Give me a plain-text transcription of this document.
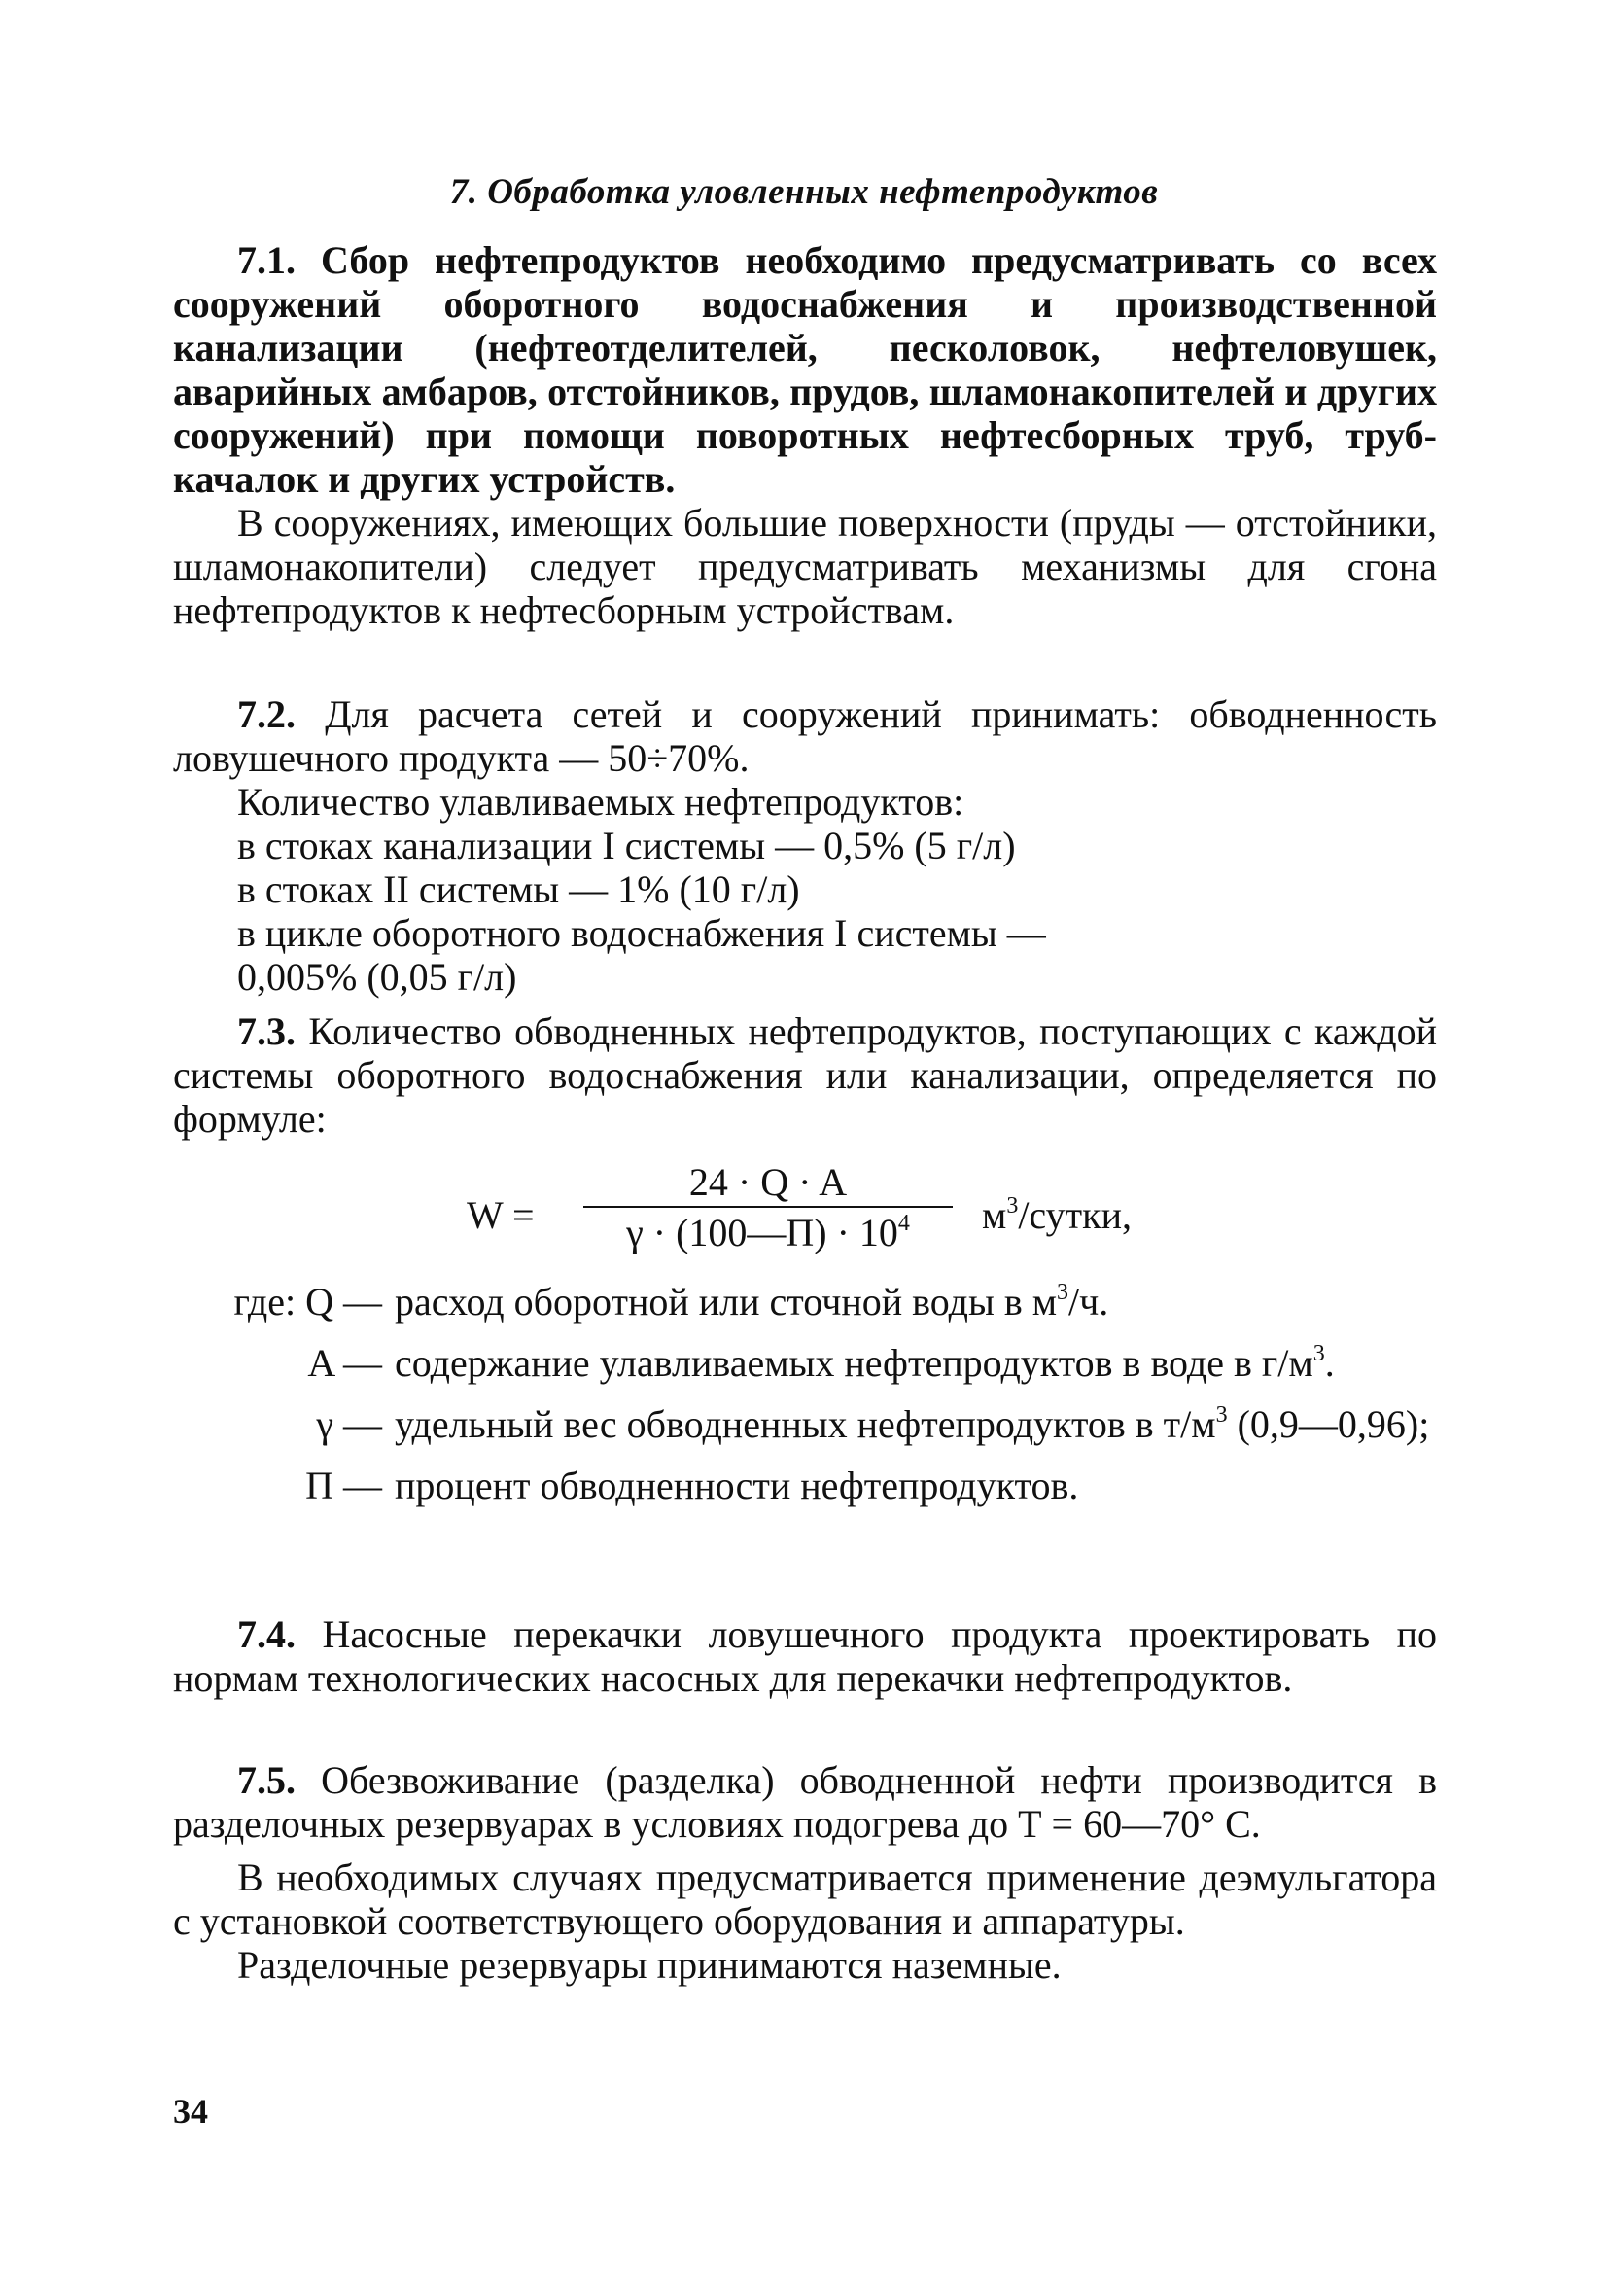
7. Обработка уловленных нефтепродуктов

7.1. Сбор нефтепродуктов необходимо предусматривать со всех сооружений оборотного водоснабжения и производственной канализации (нефтеотделителей, песколовок, нефтеловушек, аварийных амбаров, отстойников, прудов, шламонакопителей и других сооружений) при помощи поворотных нефтесборных труб, труб-качалок и других устройств.

В сооружениях, имеющих большие поверхности (пруды — отстойники, шламонакопители) следует предусматривать механизмы для сгона нефтепродуктов к нефтесборным устройствам.

7.2. Для расчета сетей и сооружений принимать: обводненность ловушечного продукта — 50÷70%.

Количество улавливаемых нефтепродуктов:
в стоках канализации I системы — 0,5% (5 г/л)
в стоках II системы — 1% (10 г/л)
в цикле оборотного водоснабжения I системы —
0,005% (0,05 г/л)

7.3. Количество обводненных нефтепродуктов, поступающих с каждой системы оборотного водоснабжения или канализации, определяется по формуле:

W =
24 · Q · A
γ · (100—П) · $10^4$	$м^3$/сутки,
где: Q — расход оборотной или сточной воды в $м^3/ч$.
A — содержание улавливаемых нефтепродуктов в воде в $г/м^3$.
γ — удельный вес обводненных нефтепродуктов в $т/м^3$ (0,9—0,96);
П — процент обводненности нефтепродуктов.

7.4. Насосные перекачки ловушечного продукта проектировать по нормам технологических насосных для перекачки нефтепродуктов.

7.5. Обезвоживание (разделка) обводненной нефти производится в разделочных резервуарах в условиях подогрева до Т = 60—70° С.

В необходимых случаях предусматривается применение деэмульгатора с установкой соответствующего оборудования и аппаратуры.

Разделочные резервуары принимаются наземные.

34
